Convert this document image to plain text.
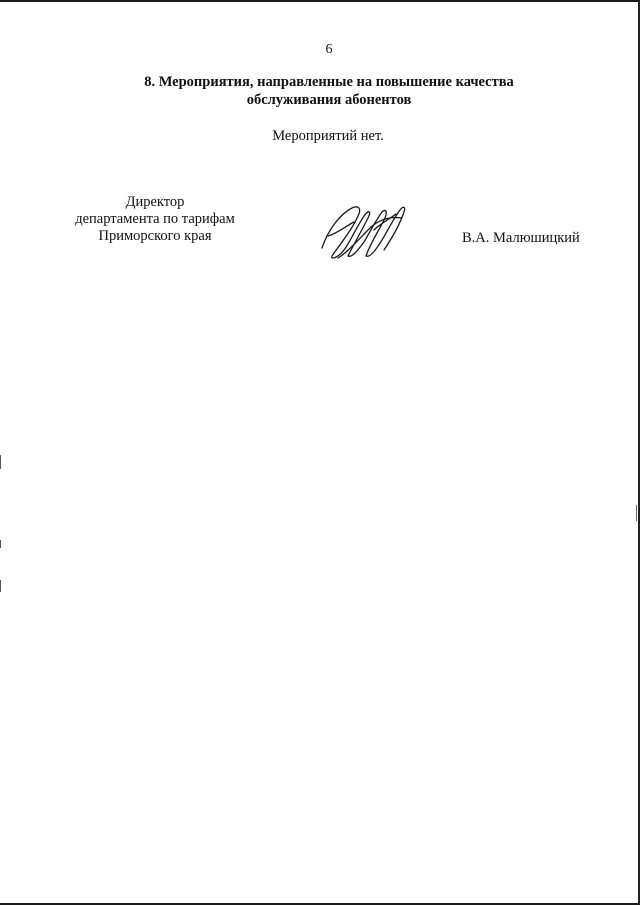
6
8. Мероприятия, направленные на повышение качества
обслуживания абонентов
Мероприятий нет.
Директор
департамента по тарифам
Приморского края	В.А. Малюшицкий
